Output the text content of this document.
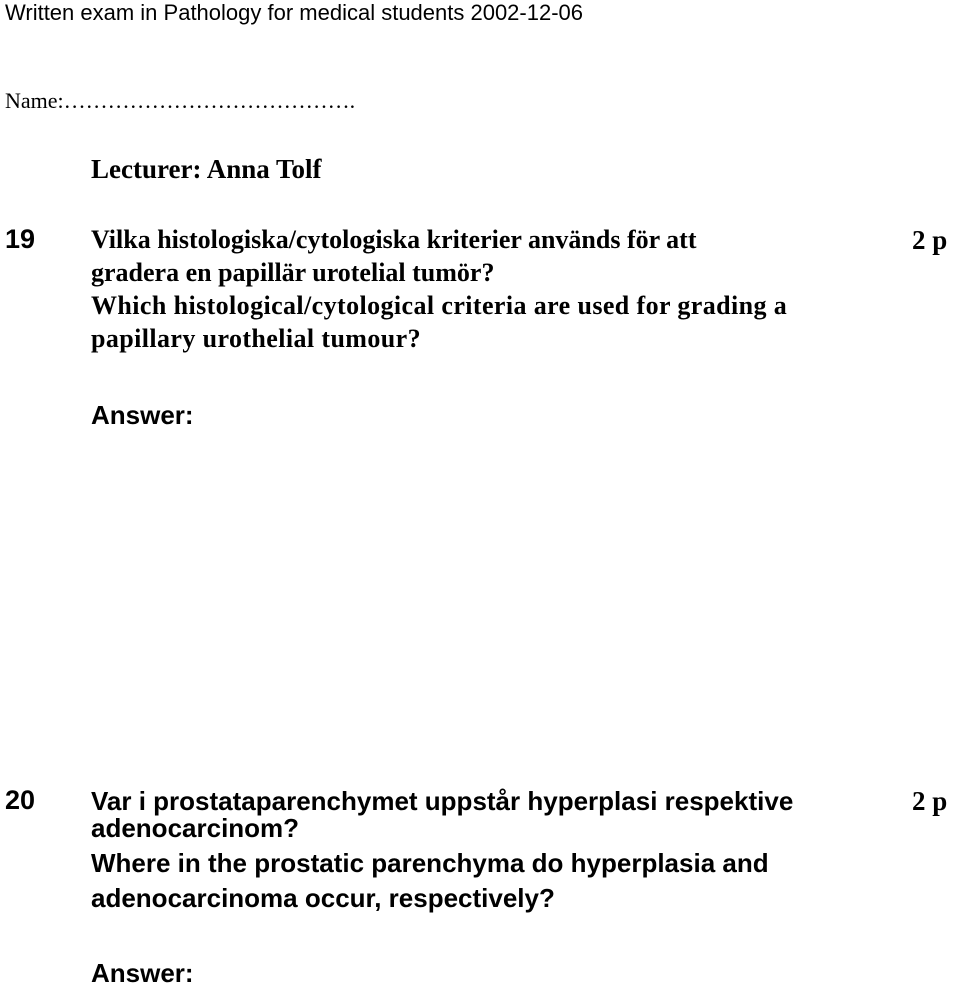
Written exam in Pathology for medical students 2002-12-06
Name:………………………………….
Lecturer: Anna Tolf
19 Vilka histologiska/cytologiska kriterier används för att
gradera en papillär urotelial tumör?
Which histological/cytological criteria are used for grading a
papillary urothelial tumour?
2 p
Answer:
20 Var i prostataparenchymet uppstår hyperplasi respektive
adenocarcinom?
Where in the prostatic parenchyma do hyperplasia and
adenocarcinoma occur, respectively?
2 p
Answer:
